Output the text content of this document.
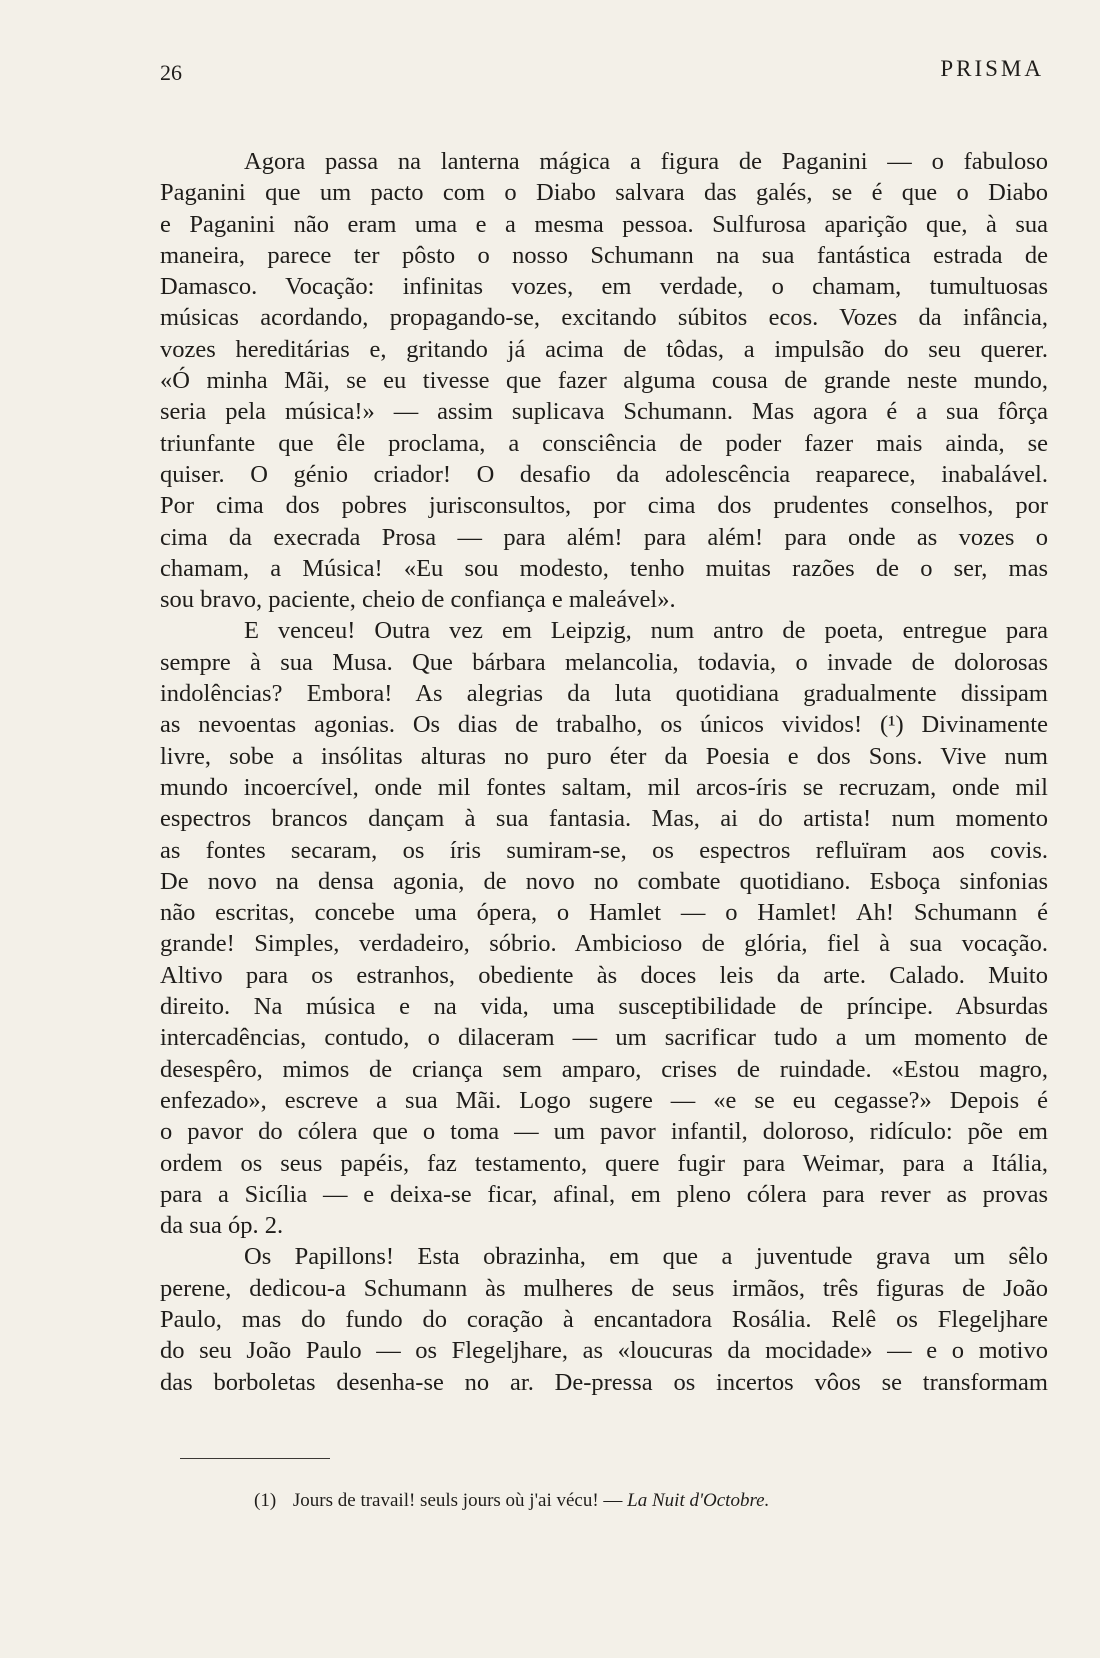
26	PRISMA
Agora passa na lanterna mágica a figura de Paganini — o fabuloso
Paganini que um pacto com o Diabo salvara das galés, se é que o Diabo
e Paganini não eram uma e a mesma pessoa. Sulfurosa aparição que, à sua
maneira, parece ter pôsto o nosso Schumann na sua fantástica estrada de
Damasco. Vocação: infinitas vozes, em verdade, o chamam, tumultuosas
músicas acordando, propagando-se, excitando súbitos ecos. Vozes da infância,
vozes hereditárias e, gritando já acima de tôdas, a impulsão do seu querer.
«Ó minha Mãi, se eu tivesse que fazer alguma cousa de grande neste mundo,
seria pela música!» — assim suplicava Schumann. Mas agora é a sua fôrça
triunfante que êle proclama, a consciência de poder fazer mais ainda, se
quiser. O génio criador! O desafio da adolescência reaparece, inabalável.
Por cima dos pobres jurisconsultos, por cima dos prudentes conselhos, por
cima da execrada Prosa — para além! para além! para onde as vozes o
chamam, a Música! «Eu sou modesto, tenho muitas razões de o ser, mas
sou bravo, paciente, cheio de confiança e maleável».
E venceu! Outra vez em Leipzig, num antro de poeta, entregue para
sempre à sua Musa. Que bárbara melancolia, todavia, o invade de dolorosas
indolências? Embora! As alegrias da luta quotidiana gradualmente dissipam
as nevoentas agonias. Os dias de trabalho, os únicos vividos! (¹) Divinamente
livre, sobe a insólitas alturas no puro éter da Poesia e dos Sons. Vive num
mundo incoercível, onde mil fontes saltam, mil arcos-íris se recruzam, onde mil
espectros brancos dançam à sua fantasia. Mas, ai do artista! num momento
as fontes secaram, os íris sumiram-se, os espectros refluïram aos covis.
De novo na densa agonia, de novo no combate quotidiano. Esboça sinfonias
não escritas, concebe uma ópera, o Hamlet — o Hamlet! Ah! Schumann é
grande! Simples, verdadeiro, sóbrio. Ambicioso de glória, fiel à sua vocação.
Altivo para os estranhos, obediente às doces leis da arte. Calado. Muito
direito. Na música e na vida, uma susceptibilidade de príncipe. Absurdas
intercadências, contudo, o dilaceram — um sacrificar tudo a um momento de
desespêro, mimos de criança sem amparo, crises de ruindade. «Estou magro,
enfezado», escreve a sua Mãi. Logo sugere — «e se eu cegasse?» Depois é
o pavor do cólera que o toma — um pavor infantil, doloroso, ridículo: põe em
ordem os seus papéis, faz testamento, quere fugir para Weimar, para a Itália,
para a Sicília — e deixa-se ficar, afinal, em pleno cólera para rever as provas
da sua óp. 2.
Os Papillons! Esta obrazinha, em que a juventude grava um sêlo
perene, dedicou-a Schumann às mulheres de seus irmãos, três figuras de João
Paulo, mas do fundo do coração à encantadora Rosália. Relê os Flegeljhare
do seu João Paulo — os Flegeljhare, as «loucuras da mocidade» — e o motivo
das borboletas desenha-se no ar. De-pressa os incertos vôos se transformam
(1) Jours de travail! seuls jours où j'ai vécu! — La Nuit d'Octobre.
